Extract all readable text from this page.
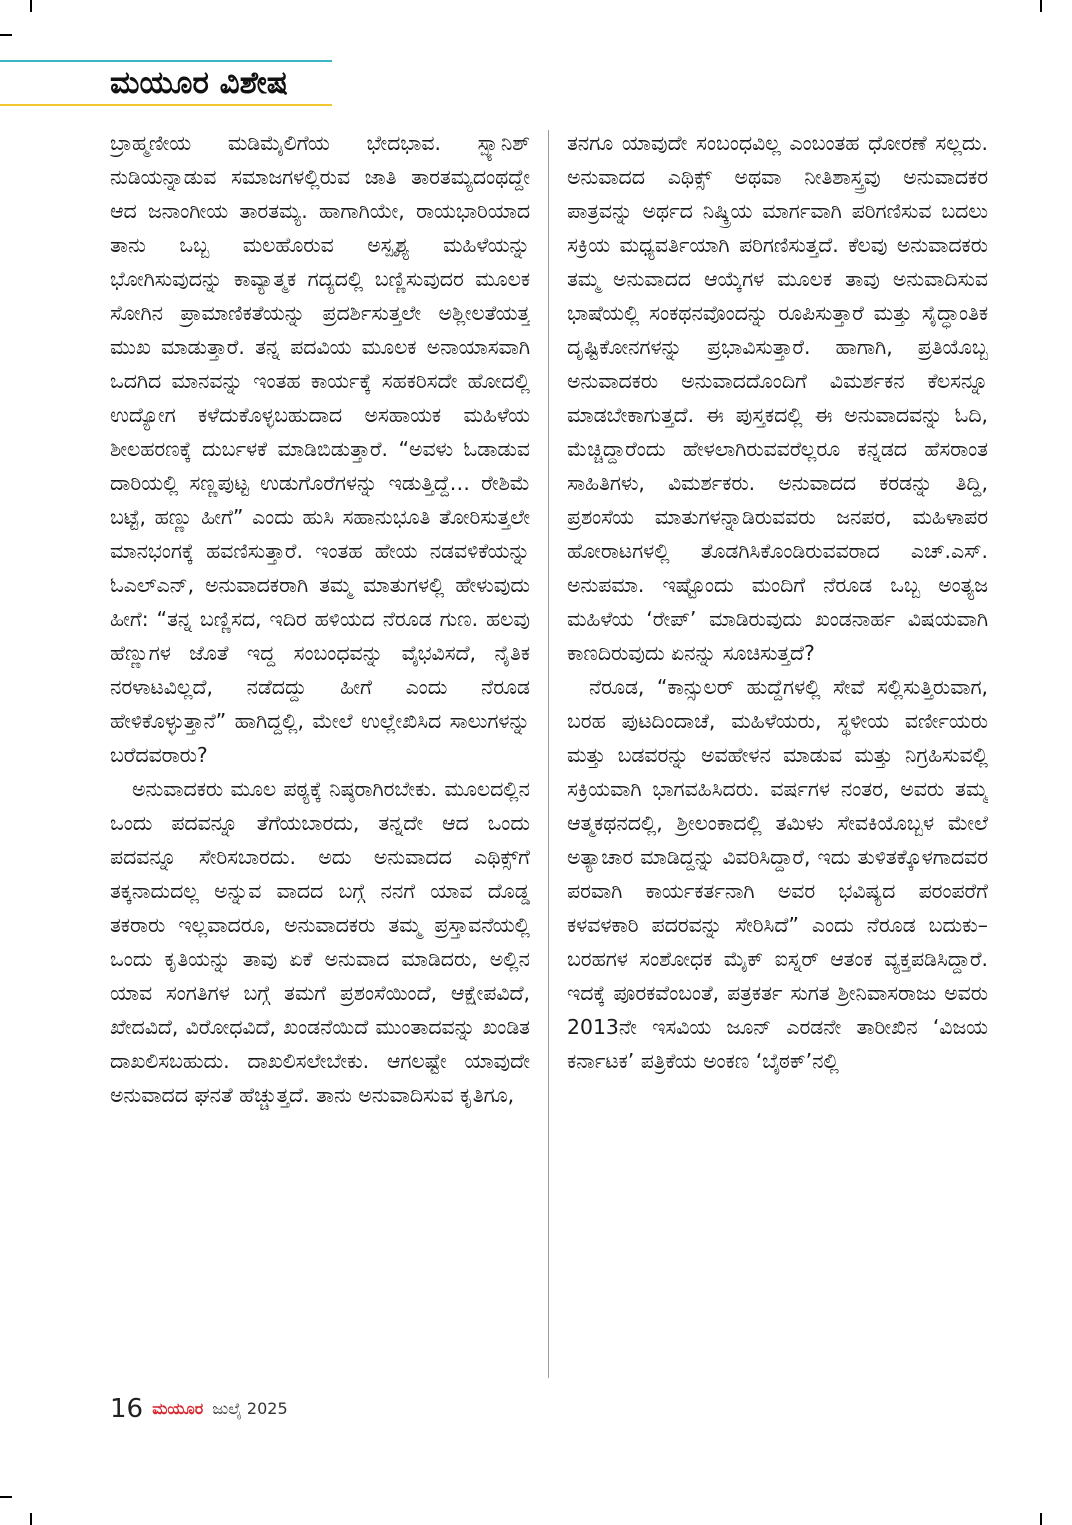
ಮಯೂರ ವಿಶೇಷ

ಬ್ರಾಹ್ಮಣೀಯ ಮಡಿಮೈಲಿಗೆಯ ಭೇದಭಾವ. ಸ್ಪ್ಯಾನಿಶ್ ನುಡಿಯನ್ನಾಡುವ ಸಮಾಜಗಳಲ್ಲಿರುವ ಜಾತಿ ತಾರತಮ್ಯದಂಥದ್ದೇ ಆದ ಜನಾಂಗೀಯ ತಾರತಮ್ಯ. ಹಾಗಾಗಿಯೇ, ರಾಯಭಾರಿಯಾದ ತಾನು ಒಬ್ಬ ಮಲಹೊರುವ ಅಸ್ಪೃಶ್ಯ ಮಹಿಳೆಯನ್ನು ಭೋಗಿಸುವುದನ್ನು ಕಾವ್ಯಾತ್ಮಕ ಗದ್ಯದಲ್ಲಿ ಬಣ್ಣಿಸುವುದರ ಮೂಲಕ ಸೋಗಿನ ಪ್ರಾಮಾಣಿಕತೆಯನ್ನು ಪ್ರದರ್ಶಿಸುತ್ತಲೇ ಅಶ್ಲೀಲತೆಯತ್ತ ಮುಖ ಮಾಡುತ್ತಾರೆ. ತನ್ನ ಪದವಿಯ ಮೂಲಕ ಅನಾಯಾಸವಾಗಿ ಒದಗಿದ ಮಾನವನ್ನು ಇಂತಹ ಕಾರ್ಯಕ್ಕೆ ಸಹಕರಿಸದೇ ಹೋದಲ್ಲಿ ಉದ್ಯೋಗ ಕಳೆದುಕೊಳ್ಳಬಹುದಾದ ಅಸಹಾಯಕ ಮಹಿಳೆಯ ಶೀಲಹರಣಕ್ಕೆ ದುರ್ಬಳಕೆ ಮಾಡಿಬಿಡುತ್ತಾರೆ. “ಅವಳು ಓಡಾಡುವ ದಾರಿಯಲ್ಲಿ ಸಣ್ಣಪುಟ್ಟ ಉಡುಗೊರೆಗಳನ್ನು ಇಡುತ್ತಿದ್ದೆ… ರೇಶಿಮೆ ಬಟ್ಟೆ, ಹಣ್ಣು ಹೀಗೆ” ಎಂದು ಹುಸಿ ಸಹಾನುಭೂತಿ ತೋರಿಸುತ್ತಲೇ ಮಾನಭಂಗಕ್ಕೆ ಹವಣಿಸುತ್ತಾರೆ. ಇಂತಹ ಹೇಯ ನಡವಳಿಕೆಯನ್ನು ಓಎಲ್‌ಎನ್, ಅನುವಾದಕರಾಗಿ ತಮ್ಮ ಮಾತುಗಳಲ್ಲಿ ಹೇಳುವುದು ಹೀಗೆ: “ತನ್ನ ಬಣ್ಣಿಸದ, ಇದಿರ ಹಳಿಯದ ನೆರೂಡ ಗುಣ. ಹಲವು ಹೆಣ್ಣುಗಳ ಜೊತೆ ಇದ್ದ ಸಂಬಂಧವನ್ನು ವೈಭವಿಸದೆ, ನೈತಿಕ ನರಳಾಟವಿಲ್ಲದೆ, ನಡೆದದ್ದು ಹೀಗೆ ಎಂದು ನೆರೂಡ ಹೇಳಿಕೊಳ್ಳುತ್ತಾನೆ” ಹಾಗಿದ್ದಲ್ಲಿ, ಮೇಲೆ ಉಲ್ಲೇಖಿಸಿದ ಸಾಲುಗಳನ್ನು ಬರೆದವರಾರು?

ಅನುವಾದಕರು ಮೂಲ ಪಠ್ಯಕ್ಕೆ ನಿಷ್ಠರಾಗಿರಬೇಕು. ಮೂಲದಲ್ಲಿನ ಒಂದು ಪದವನ್ನೂ ತೆಗೆಯಬಾರದು, ತನ್ನದೇ ಆದ ಒಂದು ಪದವನ್ನೂ ಸೇರಿಸಬಾರದು. ಅದು ಅನುವಾದದ ಎಥಿಕ್ಸ್‌ಗೆ ತಕ್ಕನಾದುದಲ್ಲ ಅನ್ನುವ ವಾದದ ಬಗ್ಗೆ ನನಗೆ ಯಾವ ದೊಡ್ಡ ತಕರಾರು ಇಲ್ಲವಾದರೂ, ಅನುವಾದಕರು ತಮ್ಮ ಪ್ರಸ್ತಾವನೆಯಲ್ಲಿ ಒಂದು ಕೃತಿಯನ್ನು ತಾವು ಏಕೆ ಅನುವಾದ ಮಾಡಿದರು, ಅಲ್ಲಿನ ಯಾವ ಸಂಗತಿಗಳ ಬಗ್ಗೆ ತಮಗೆ ಪ್ರಶಂಸೆಯಿಂದೆ, ಆಕ್ಷೇಪವಿದೆ, ಖೇದವಿದೆ, ವಿರೋಧವಿದೆ, ಖಂಡನೆಯಿದೆ ಮುಂತಾದವನ್ನು ಖಂಡಿತ ದಾಖಲಿಸಬಹುದು. ದಾಖಲಿಸಲೇಬೇಕು. ಆಗಲಷ್ಟೇ ಯಾವುದೇ ಅನುವಾದದ ಘನತೆ ಹೆಚ್ಚುತ್ತದೆ. ತಾನು ಅನುವಾದಿಸುವ ಕೃತಿಗೂ,

ತನಗೂ ಯಾವುದೇ ಸಂಬಂಧವಿಲ್ಲ ಎಂಬಂತಹ ಧೋರಣೆ ಸಲ್ಲದು. ಅನುವಾದದ ಎಥಿಕ್ಸ್ ಅಥವಾ ನೀತಿಶಾಸ್ತ್ರವು ಅನುವಾದಕರ ಪಾತ್ರವನ್ನು ಅರ್ಥದ ನಿಷ್ಕ್ರಿಯ ಮಾರ್ಗವಾಗಿ ಪರಿಗಣಿಸುವ ಬದಲು ಸಕ್ರಿಯ ಮಧ್ಯವರ್ತಿಯಾಗಿ ಪರಿಗಣಿಸುತ್ತದೆ. ಕೆಲವು ಅನುವಾದಕರು ತಮ್ಮ ಅನುವಾದದ ಆಯ್ಕೆಗಳ ಮೂಲಕ ತಾವು ಅನುವಾದಿಸುವ ಭಾಷೆಯಲ್ಲಿ ಸಂಕಥನವೊಂದನ್ನು ರೂಪಿಸುತ್ತಾರೆ ಮತ್ತು ಸೈದ್ಧಾಂತಿಕ ದೃಷ್ಟಿಕೋನಗಳನ್ನು ಪ್ರಭಾವಿಸುತ್ತಾರೆ. ಹಾಗಾಗಿ, ಪ್ರತಿಯೊಬ್ಬ ಅನುವಾದಕರು ಅನುವಾದದೊಂದಿಗೆ ವಿಮರ್ಶಕನ ಕೆಲಸನ್ನೂ ಮಾಡಬೇಕಾಗುತ್ತದೆ. ಈ ಪುಸ್ತಕದಲ್ಲಿ ಈ ಅನುವಾದವನ್ನು ಓದಿ, ಮೆಚ್ಚಿದ್ದಾರೆಂದು ಹೇಳಲಾಗಿರುವವರೆಲ್ಲರೂ ಕನ್ನಡದ ಹೆಸರಾಂತ ಸಾಹಿತಿಗಳು, ವಿಮರ್ಶಕರು. ಅನುವಾದದ ಕರಡನ್ನು ತಿದ್ದಿ, ಪ್ರಶಂಸೆಯ ಮಾತುಗಳನ್ನಾಡಿರುವವರು ಜನಪರ, ಮಹಿಳಾಪರ ಹೋರಾಟಗಳಲ್ಲಿ ತೊಡಗಿಸಿಕೊಂಡಿರುವವರಾದ ಎಚ್.ಎಸ್. ಅನುಪಮಾ. ಇಷ್ಟೊಂದು ಮಂದಿಗೆ ನೆರೂಡ ಒಬ್ಬ ಅಂತ್ಯಜ ಮಹಿಳೆಯ ‘ರೇಪ್’ ಮಾಡಿರುವುದು ಖಂಡನಾರ್ಹ ವಿಷಯವಾಗಿ ಕಾಣದಿರುವುದು ಏನನ್ನು ಸೂಚಿಸುತ್ತದೆ?

ನೆರೂಡ, “ಕಾನ್ಸುಲರ್ ಹುದ್ದೆಗಳಲ್ಲಿ ಸೇವೆ ಸಲ್ಲಿಸುತ್ತಿರುವಾಗ, ಬರಹ ಪುಟದಿಂದಾಚೆ, ಮಹಿಳೆಯರು, ಸ್ಥಳೀಯ ವರ್ಣೀಯರು ಮತ್ತು ಬಡವರನ್ನು ಅವಹೇಳನ ಮಾಡುವ ಮತ್ತು ನಿಗ್ರಹಿಸುವಲ್ಲಿ ಸಕ್ರಿಯವಾಗಿ ಭಾಗವಹಿಸಿದರು. ವರ್ಷಗಳ ನಂತರ, ಅವರು ತಮ್ಮ ಆತ್ಮಕಥನದಲ್ಲಿ, ಶ್ರೀಲಂಕಾದಲ್ಲಿ ತಮಿಳು ಸೇವಕಿಯೊಬ್ಬಳ ಮೇಲೆ ಅತ್ಯಾಚಾರ ಮಾಡಿದ್ದನ್ನು ವಿವರಿಸಿದ್ದಾರೆ, ಇದು ತುಳಿತಕ್ಕೊಳಗಾದವರ ಪರವಾಗಿ ಕಾರ್ಯಕರ್ತನಾಗಿ ಅವರ ಭವಿಷ್ಯದ ಪರಂಪರೆಗೆ ಕಳವಳಕಾರಿ ಪದರವನ್ನು ಸೇರಿಸಿದೆ” ಎಂದು ನೆರೂಡ ಬದುಕು–ಬರಹಗಳ ಸಂಶೋಧಕ ಮೈಕ್ ಐಸ್ನರ್ ಆತಂಕ ವ್ಯಕ್ತಪಡಿಸಿದ್ದಾರೆ. ಇದಕ್ಕೆ ಪೂರಕವೆಂಬಂತೆ, ಪತ್ರಕರ್ತ ಸುಗತ ಶ್ರೀನಿವಾಸರಾಜು ಅವರು 2013ನೇ ಇಸವಿಯ ಜೂನ್ ಎರಡನೇ ತಾರೀಖಿನ ‘ವಿಜಯ ಕರ್ನಾಟಕ’ ಪತ್ರಿಕೆಯ ಅಂಕಣ ‘ಬೈಠಕ್’ನಲ್ಲಿ

16 ಮಯೂರ ಜುಲೈ 2025
